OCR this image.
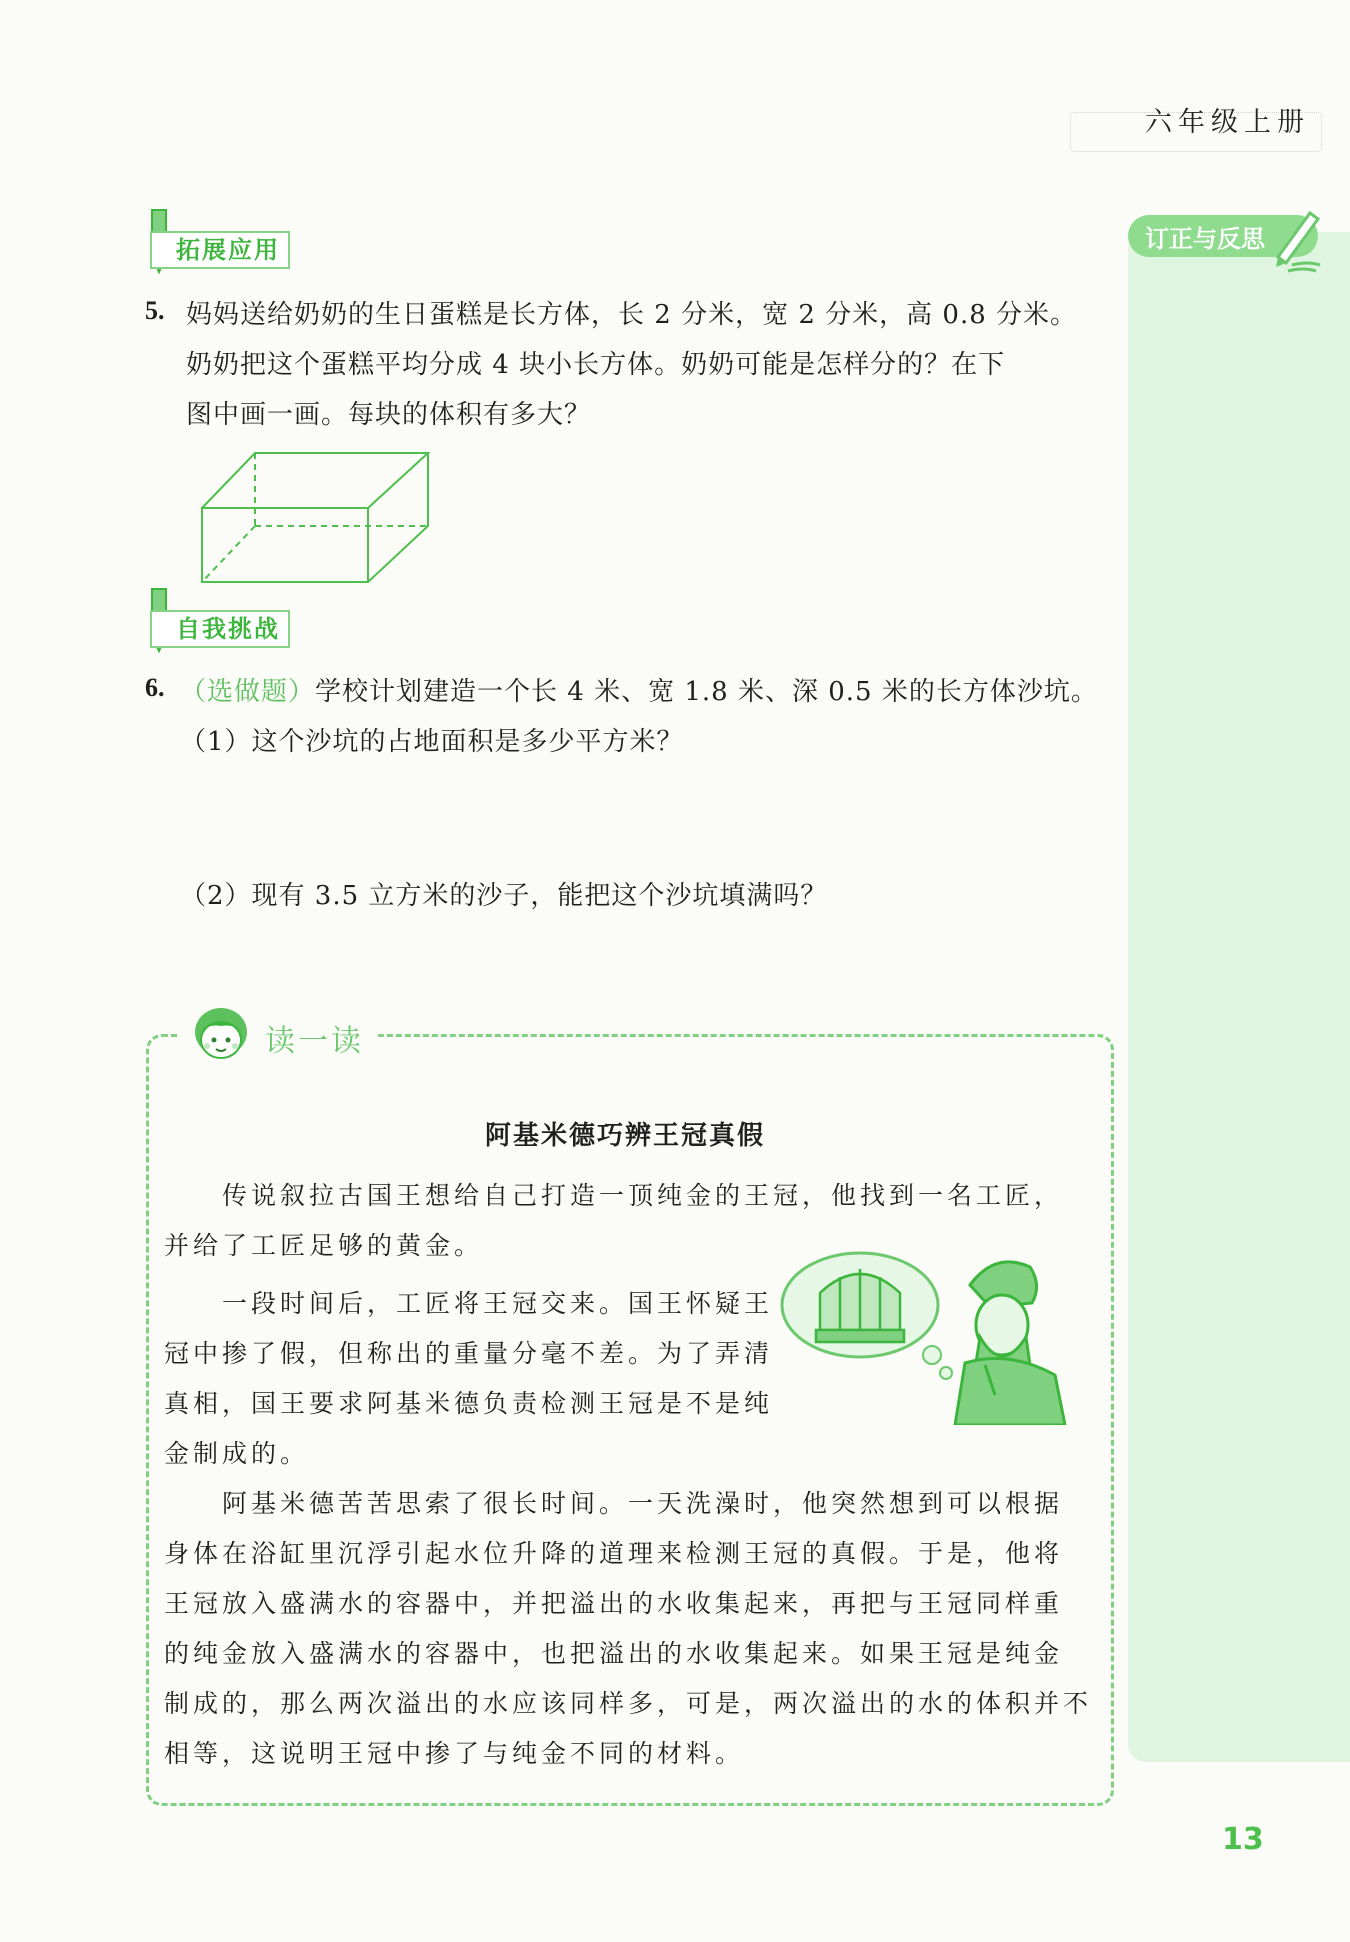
六年级上册
订正与反思
拓展应用
5. 妈妈送给奶奶的生日蛋糕是长方体，长 2 分米，宽 2 分米，高 0.8 分米。
奶奶把这个蛋糕平均分成 4 块小长方体。奶奶可能是怎样分的？在下
图中画一画。每块的体积有多大？
自我挑战
6. （选做题）学校计划建造一个长 4 米、宽 1.8 米、深 0.5 米的长方体沙坑。
（1）这个沙坑的占地面积是多少平方米？
（2）现有 3.5 立方米的沙子，能把这个沙坑填满吗？
读一读
阿基米德巧辨王冠真假
传说叙拉古国王想给自己打造一顶纯金的王冠，他找到一名工匠，
并给了工匠足够的黄金。
一段时间后，工匠将王冠交来。国王怀疑王
冠中掺了假，但称出的重量分毫不差。为了弄清
真相，国王要求阿基米德负责检测王冠是不是纯
金制成的。
阿基米德苦苦思索了很长时间。一天洗澡时，他突然想到可以根据
身体在浴缸里沉浮引起水位升降的道理来检测王冠的真假。于是，他将
王冠放入盛满水的容器中，并把溢出的水收集起来，再把与王冠同样重
的纯金放入盛满水的容器中，也把溢出的水收集起来。如果王冠是纯金
制成的，那么两次溢出的水应该同样多，可是，两次溢出的水的体积并不
相等，这说明王冠中掺了与纯金不同的材料。
13
